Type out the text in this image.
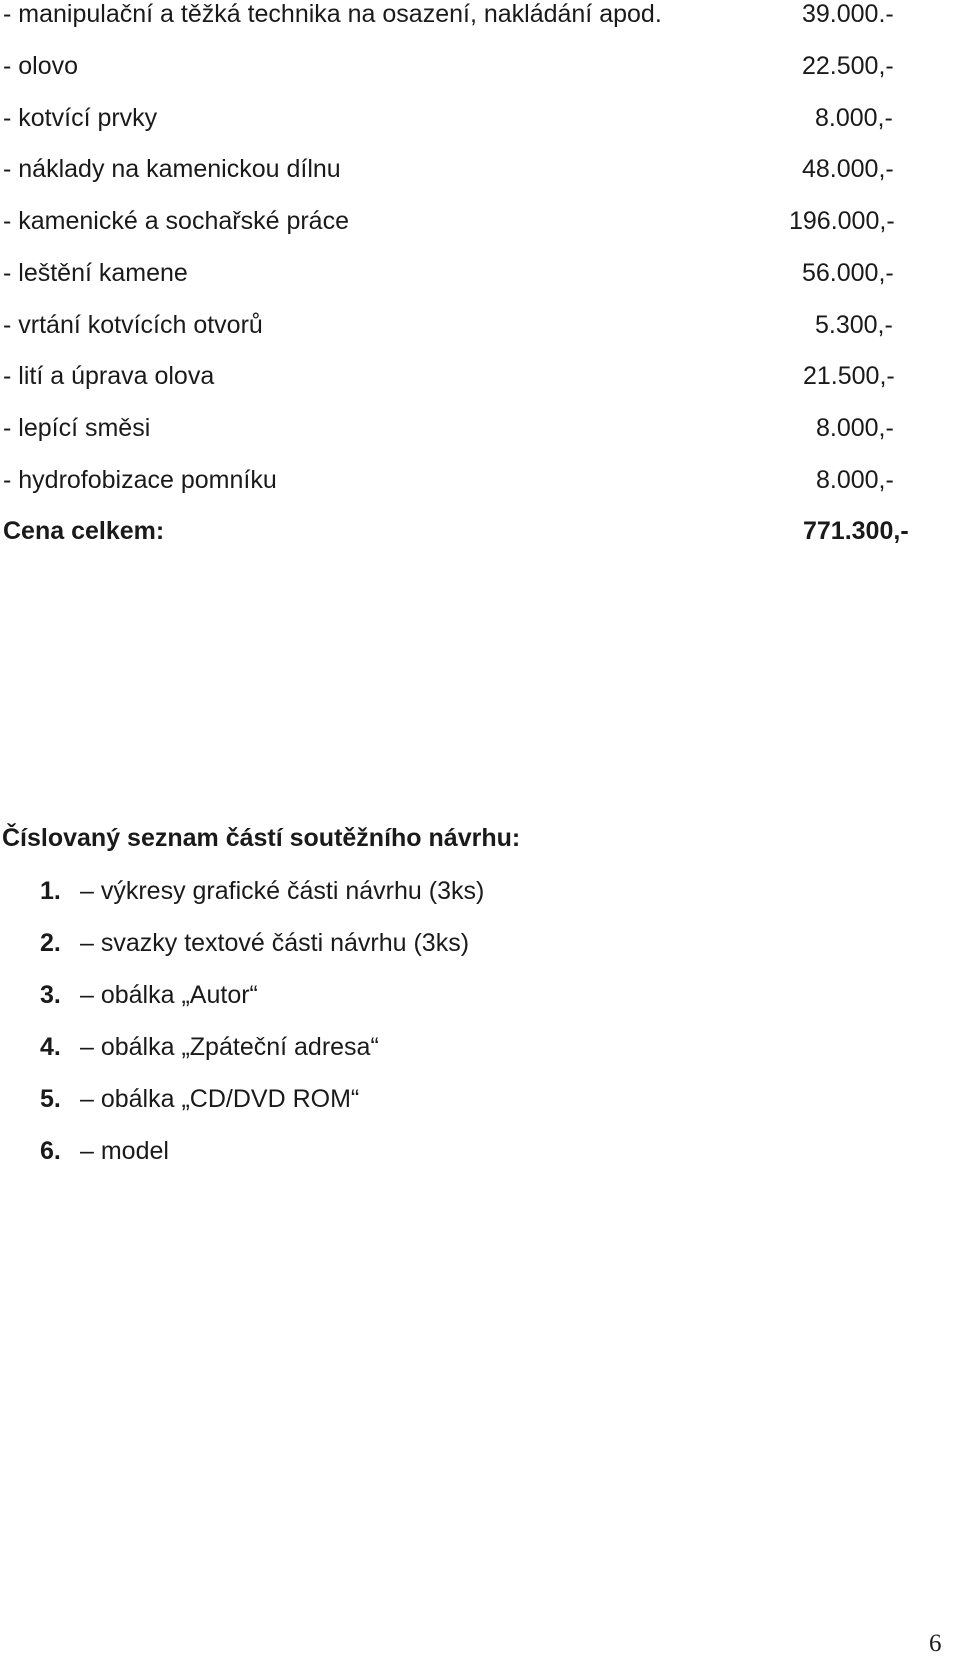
- manipulační a těžká technika na osazení, nakládání apod.	39.000.-
- olovo	22.500,-
- kotvící prvky	8.000,-
- náklady na kamenickou dílnu	48.000,-
- kamenické a sochařské práce	196.000,-
- leštění kamene	56.000,-
- vrtání kotvících otvorů	5.300,-
- lití a úprava olova	21.500,-
- lepící směsi	8.000,-
- hydrofobizace pomníku	8.000,-
Cena celkem:	771.300,-
Číslovaný seznam částí soutěžního návrhu:
1. – výkresy grafické části návrhu (3ks)
2. – svazky textové části návrhu (3ks)
3. – obálka „Autor“
4. – obálka „Zpáteční adresa“
5. – obálka „CD/DVD ROM“
6. – model
6
